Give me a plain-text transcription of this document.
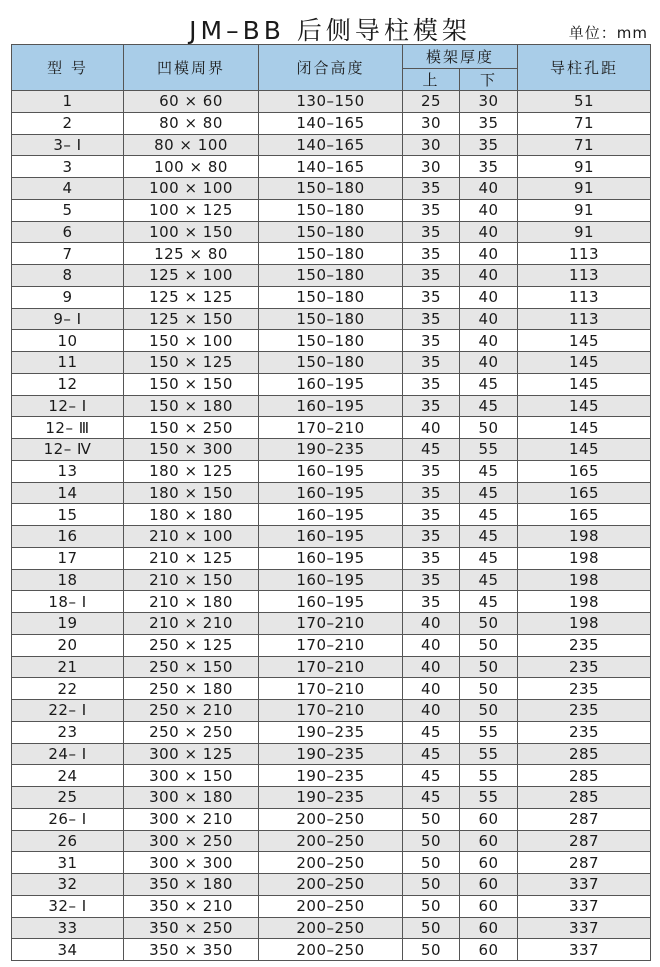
JM–BB 后侧导柱模架	单位：mm
型 号	凹模周界	闭合高度	模架厚度		导柱孔距
			上	下	
1	60 × 60	130–150	25	30	51
2	80 × 80	140–165	30	35	71
3– Ⅰ	80 × 100	140–165	30	35	71
3	100 × 80	140–165	30	35	91
4	100 × 100	150–180	35	40	91
5	100 × 125	150–180	35	40	91
6	100 × 150	150–180	35	40	91
7	125 × 80	150–180	35	40	113
8	125 × 100	150–180	35	40	113
9	125 × 125	150–180	35	40	113
9– Ⅰ	125 × 150	150–180	35	40	113
10	150 × 100	150–180	35	40	145
11	150 × 125	150–180	35	40	145
12	150 × 150	160–195	35	45	145
12– Ⅰ	150 × 180	160–195	35	45	145
12– Ⅲ	150 × 250	170–210	40	50	145
12– Ⅳ	150 × 300	190–235	45	55	145
13	180 × 125	160–195	35	45	165
14	180 × 150	160–195	35	45	165
15	180 × 180	160–195	35	45	165
16	210 × 100	160–195	35	45	198
17	210 × 125	160–195	35	45	198
18	210 × 150	160–195	35	45	198
18– Ⅰ	210 × 180	160–195	35	45	198
19	210 × 210	170–210	40	50	198
20	250 × 125	170–210	40	50	235
21	250 × 150	170–210	40	50	235
22	250 × 180	170–210	40	50	235
22– Ⅰ	250 × 210	170–210	40	50	235
23	250 × 250	190–235	45	55	235
24– Ⅰ	300 × 125	190–235	45	55	285
24	300 × 150	190–235	45	55	285
25	300 × 180	190–235	45	55	285
26– Ⅰ	300 × 210	200–250	50	60	287
26	300 × 250	200–250	50	60	287
31	300 × 300	200–250	50	60	287
32	350 × 180	200–250	50	60	337
32– Ⅰ	350 × 210	200–250	50	60	337
33	350 × 250	200–250	50	60	337
34	350 × 350	200–250	50	60	337
